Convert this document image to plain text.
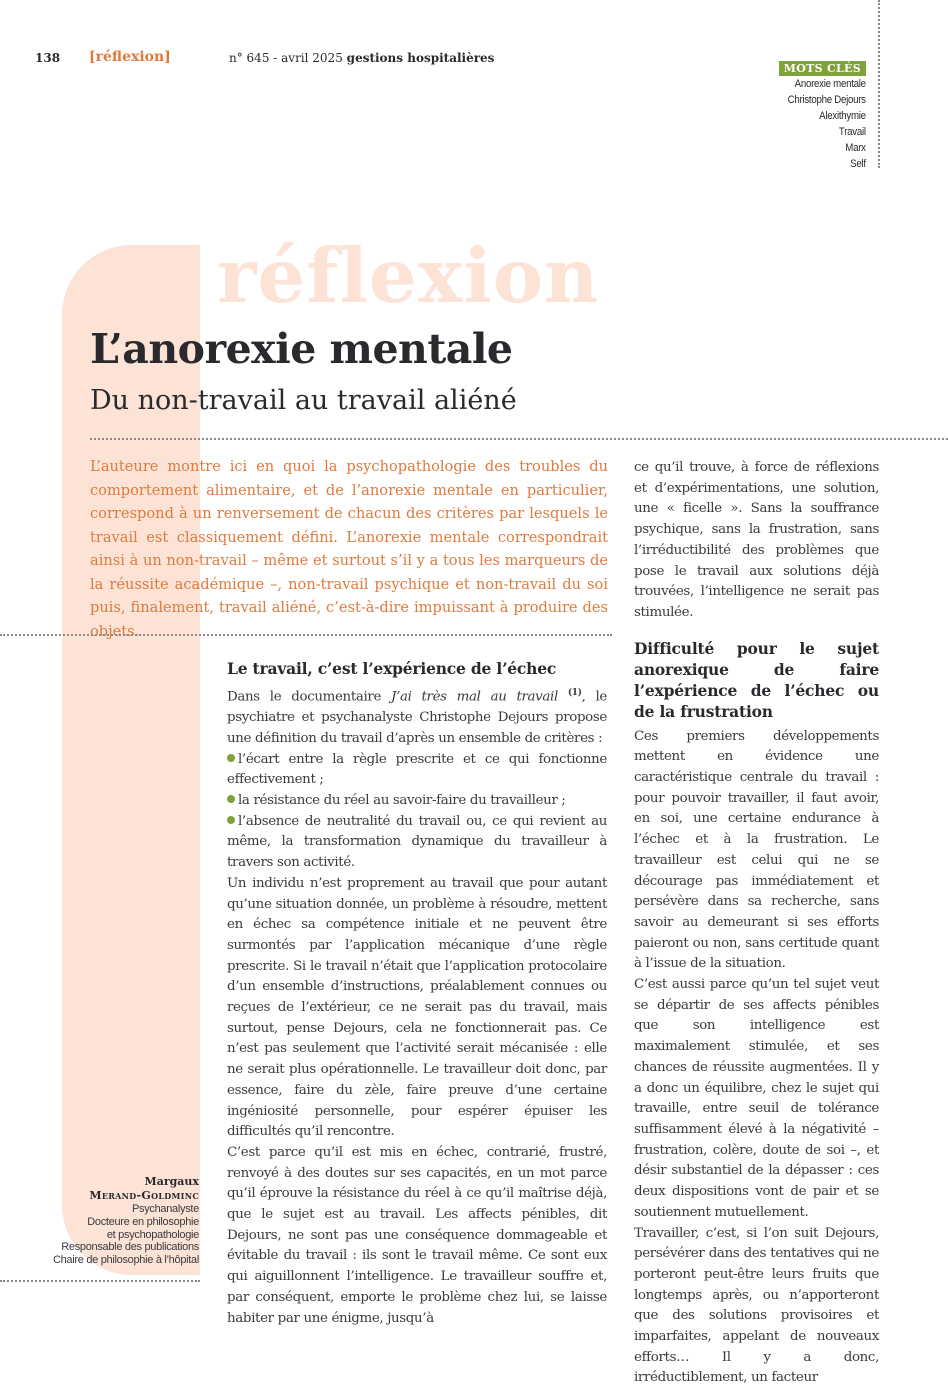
138 [réflexion]	n° 645 - avril 2025 gestions hospitalières
MOTS CLÉS
Anorexie mentale
Christophe Dejours
Alexithymie
Travail
Marx
Self
réflexion
L’anorexie mentale
Du non-travail au travail aliéné
L’auteure montre ici en quoi la psychopathologie des troubles du comportement alimentaire, et de l’anorexie mentale en particulier, correspond à un renversement de chacun des critères par lesquels le travail est classiquement défini. L’anorexie mentale correspondrait ainsi à un non-travail – même et surtout s’il y a tous les marqueurs de la réussite académique –, non-travail psychique et non-travail du soi puis, finalement, travail aliéné, c’est-à-dire impuissant à produire des objets.
Le travail, c’est l’expérience de l’échec

Dans le documentaire J’ai très mal au travail $^{(1)}$, le psychiatre et psychanalyste Christophe Dejours propose une définition du travail d’après un ensemble de critères :

l’écart entre la règle prescrite et ce qui fonctionne effectivement ;

la résistance du réel au savoir-faire du travailleur ;

l’absence de neutralité du travail ou, ce qui revient au même, la transformation dynamique du travailleur à travers son activité.

Un individu n’est proprement au travail que pour autant qu’une situation donnée, un problème à résoudre, mettent en échec sa compétence initiale et ne peuvent être surmontés par l’application mécanique d’une règle prescrite. Si le travail n’était que l’application protocolaire d’un ensemble d’instructions, préalablement connues ou reçues de l’extérieur, ce ne serait pas du travail, mais surtout, pense Dejours, cela ne fonctionnerait pas. Ce n’est pas seulement que l’activité serait mécanisée : elle ne serait plus opérationnelle. Le travailleur doit donc, par essence, faire du zèle, faire preuve d’une certaine ingéniosité personnelle, pour espérer épuiser les difficultés qu’il rencontre.

C’est parce qu’il est mis en échec, contrarié, frustré, renvoyé à des doutes sur ses capacités, en un mot parce qu’il éprouve la résistance du réel à ce qu’il maîtrise déjà, que le sujet est au travail. Les affects pénibles, dit Dejours, ne sont pas une conséquence dommageable et évitable du travail : ils sont le travail même. Ce sont eux qui aiguillonnent l’intelligence. Le travailleur souffre et, par conséquent, emporte le problème chez lui, se laisse habiter par une énigme, jusqu’à

ce qu’il trouve, à force de réflexions et d’expérimentations, une solution, une « ficelle ». Sans la souffrance psychique, sans la frustration, sans l’irréductibilité des problèmes que pose le travail aux solutions déjà trouvées, l’intelligence ne serait pas stimulée.

Difficulté pour le sujet anorexique de faire l’expérience de l’échec ou de la frustration

Ces premiers développements mettent en évidence une caractéristique centrale du travail : pour pouvoir travailler, il faut avoir, en soi, une certaine endurance à l’échec et à la frustration. Le travailleur est celui qui ne se décourage pas immédiatement et persévère dans sa recherche, sans savoir au demeurant si ses efforts paieront ou non, sans certitude quant à l’issue de la situation.

C’est aussi parce qu’un tel sujet veut se départir de ses affects pénibles que son intelligence est maximalement stimulée, et ses chances de réussite augmentées. Il y a donc un équilibre, chez le sujet qui travaille, entre seuil de tolérance suffisamment élevé à la négativité – frustration, colère, doute de soi –, et désir substantiel de la dépasser : ces deux dispositions vont de pair et se soutiennent mutuellement.

Travailler, c’est, si l’on suit Dejours, persévérer dans des tentatives qui ne porteront peut-être leurs fruits que longtemps après, ou n’apporteront que des solutions provisoires et imparfaites, appelant de nouveaux efforts… Il y a donc, irréductiblement, un facteur

Margaux
Merand-Goldminc
Psychanalyste
Docteure en philosophie
et psychopathologie
Responsable des publications
Chaire de philosophie à l’hôpital
